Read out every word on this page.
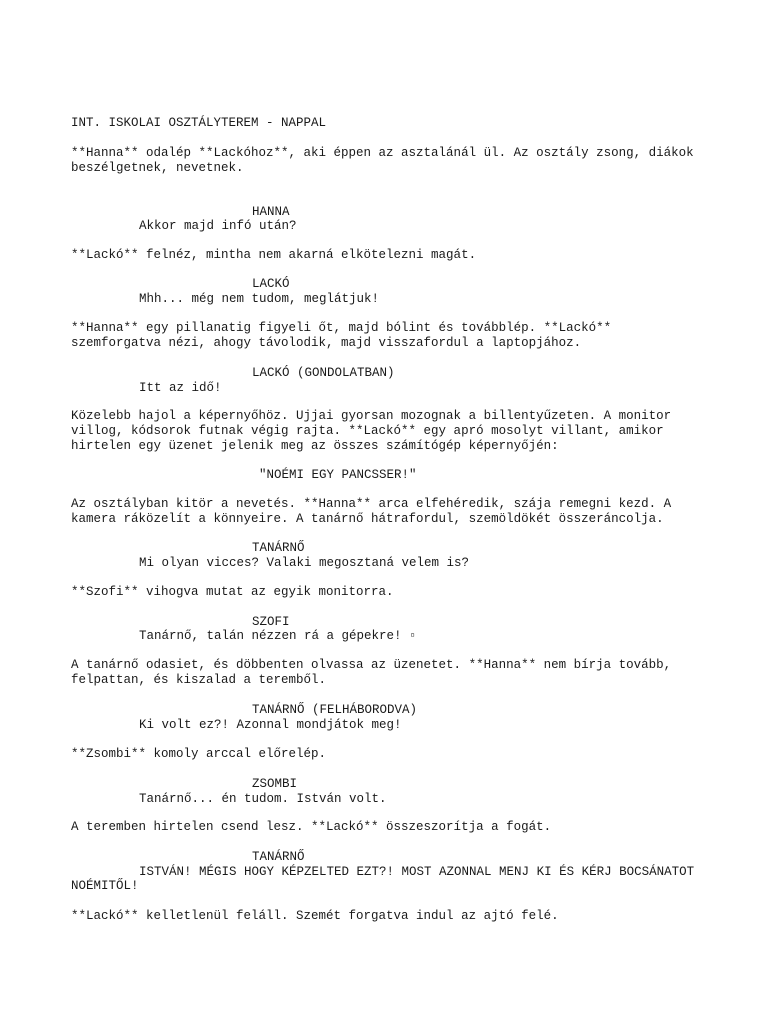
INT. ISKOLAI OSZTÁLYTEREM - NAPPAL
**Hanna** odalép **Lackóhoz**, aki éppen az asztalánál ül. Az osztály zsong, diákok beszélgetnek, nevetnek.
HANNA
Akkor majd infó után?
**Lackó** felnéz, mintha nem akarná elkötelezni magát.
LACKÓ
Mhh... még nem tudom, meglátjuk!
**Hanna** egy pillanatig figyeli őt, majd bólint és továbblép. **Lackó** szemforgatva nézi, ahogy távolodik, majd visszafordul a laptopjához.
LACKÓ (GONDOLATBAN)
Itt az idő!
Közelebb hajol a képernyőhöz. Ujjai gyorsan mozognak a billentyűzeten. A monitor villog, kódsorok futnak végig rajta. **Lackó** egy apró mosolyt villant, amikor hirtelen egy üzenet jelenik meg az összes számítógép képernyőjén:
"NOÉMI EGY PANCSSER!"
Az osztályban kitör a nevetés. **Hanna** arca elfehéredik, szája remegni kezd. A kamera ráközelít a könnyeire. A tanárnő hátrafordul, szemöldökét összeráncolja.
TANÁRNŐ
Mi olyan vicces? Valaki megosztaná velem is?
**Szofi** vihogva mutat az egyik monitorra.
SZOFI
Tanárnő, talán nézzen rá a gépekre! ▫
A tanárnő odasiet, és döbbenten olvassa az üzenetet. **Hanna** nem bírja tovább, felpattan, és kiszalad a teremből.
TANÁRNŐ (FELHÁBORODVA)
Ki volt ez?! Azonnal mondjátok meg!
**Zsombi** komoly arccal előrelép.
ZSOMBI
Tanárnő... én tudom. István volt.
A teremben hirtelen csend lesz. **Lackó** összeszorítja a fogát.
TANÁRNŐ
ISTVÁN! MÉGIS HOGY KÉPZELTED EZT?! MOST AZONNAL MENJ KI ÉS KÉRJ BOCSÁNATOT
NOÉMITŐL!
**Lackó** kelletlenül feláll. Szemét forgatva indul az ajtó felé.
